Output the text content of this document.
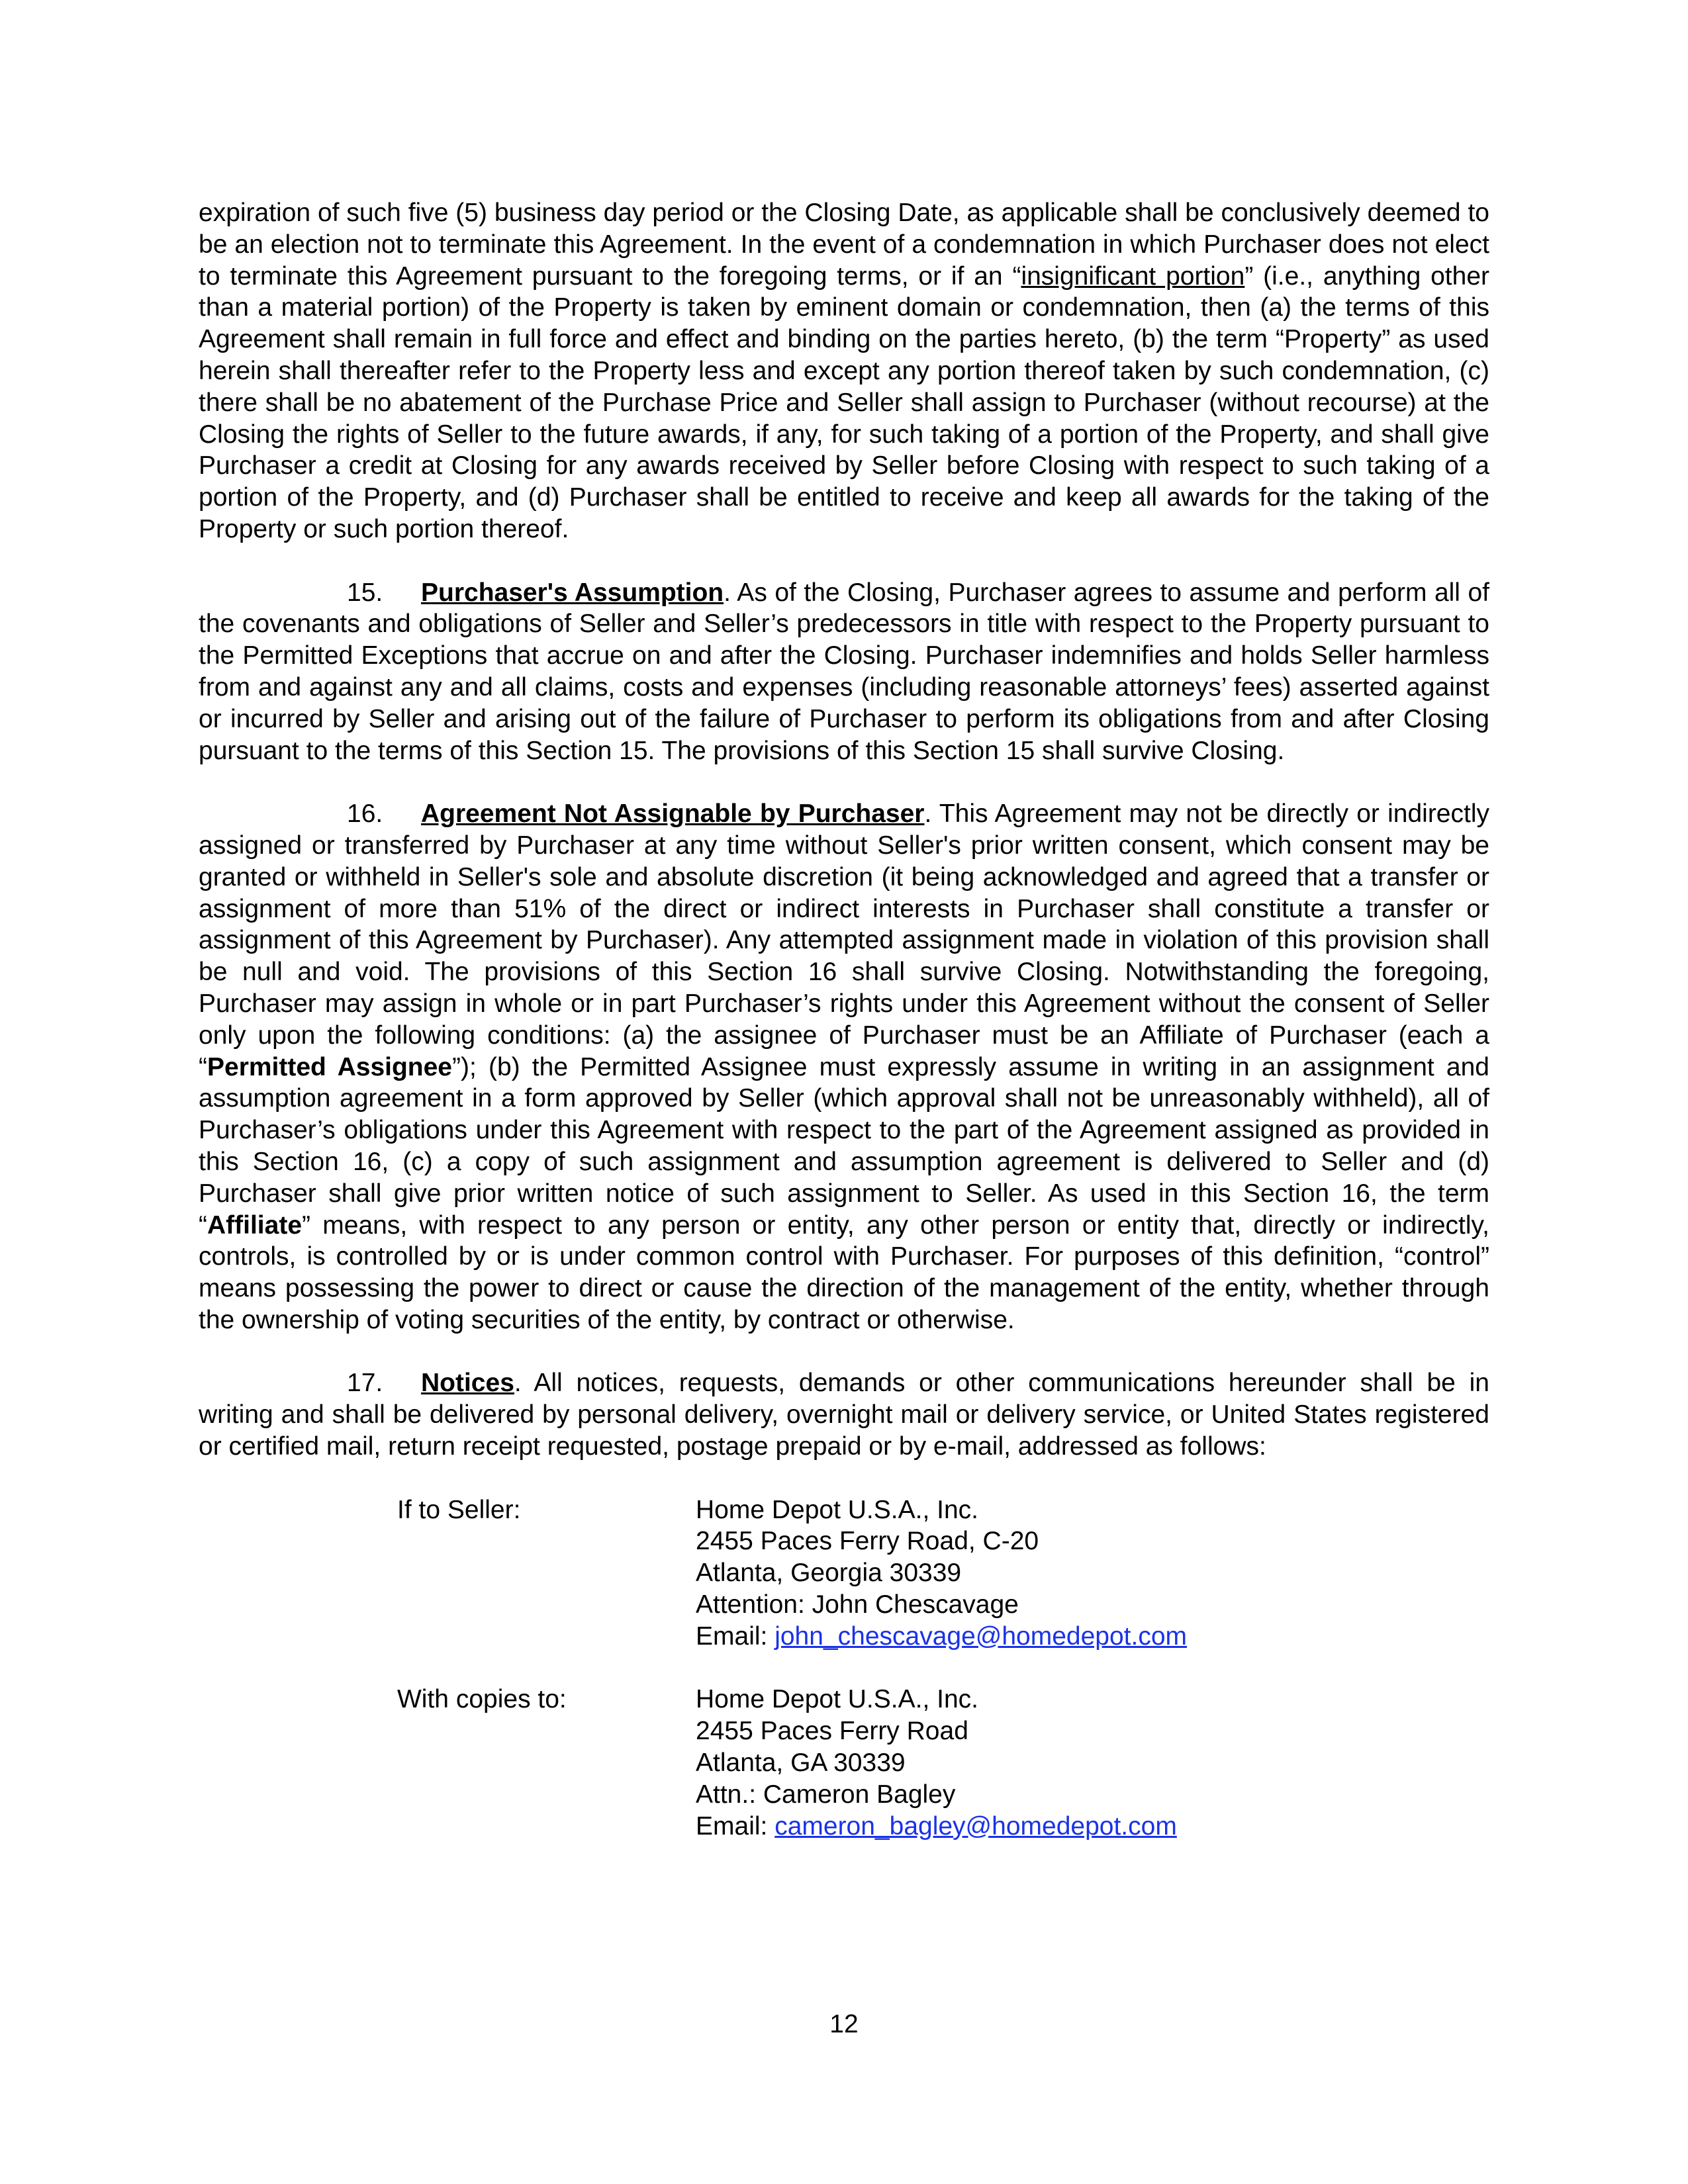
expiration of such five (5) business day period or the Closing Date, as applicable shall be conclusively deemed to be an election not to terminate this Agreement. In the event of a condemnation in which Purchaser does not elect to terminate this Agreement pursuant to the foregoing terms, or if an “insignificant portion” (i.e., anything other than a material portion) of the Property is taken by eminent domain or condemnation, then (a) the terms of this Agreement shall remain in full force and effect and binding on the parties hereto, (b) the term “Property” as used herein shall thereafter refer to the Property less and except any portion thereof taken by such condemnation, (c) there shall be no abatement of the Purchase Price and Seller shall assign to Purchaser (without recourse) at the Closing the rights of Seller to the future awards, if any, for such taking of a portion of the Property, and shall give Purchaser a credit at Closing for any awards received by Seller before Closing with respect to such taking of a portion of the Property, and (d) Purchaser shall be entitled to receive and keep all awards for the taking of the Property or such portion thereof.

15. Purchaser's Assumption. As of the Closing, Purchaser agrees to assume and perform all of the covenants and obligations of Seller and Seller’s predecessors in title with respect to the Property pursuant to the Permitted Exceptions that accrue on and after the Closing. Purchaser indemnifies and holds Seller harmless from and against any and all claims, costs and expenses (including reasonable attorneys’ fees) asserted against or incurred by Seller and arising out of the failure of Purchaser to perform its obligations from and after Closing pursuant to the terms of this Section 15. The provisions of this Section 15 shall survive Closing.

16. Agreement Not Assignable by Purchaser. This Agreement may not be directly or indirectly assigned or transferred by Purchaser at any time without Seller's prior written consent, which consent may be granted or withheld in Seller's sole and absolute discretion (it being acknowledged and agreed that a transfer or assignment of more than 51% of the direct or indirect interests in Purchaser shall constitute a transfer or assignment of this Agreement by Purchaser). Any attempted assignment made in violation of this provision shall be null and void. The provisions of this Section 16 shall survive Closing. Notwithstanding the foregoing, Purchaser may assign in whole or in part Purchaser’s rights under this Agreement without the consent of Seller only upon the following conditions: (a) the assignee of Purchaser must be an Affiliate of Purchaser (each a “Permitted Assignee”); (b) the Permitted Assignee must expressly assume in writing in an assignment and assumption agreement in a form approved by Seller (which approval shall not be unreasonably withheld), all of Purchaser’s obligations under this Agreement with respect to the part of the Agreement assigned as provided in this Section 16, (c) a copy of such assignment and assumption agreement is delivered to Seller and (d) Purchaser shall give prior written notice of such assignment to Seller. As used in this Section 16, the term “Affiliate” means, with respect to any person or entity, any other person or entity that, directly or indirectly, controls, is controlled by or is under common control with Purchaser. For purposes of this definition, “control” means possessing the power to direct or cause the direction of the management of the entity, whether through the ownership of voting securities of the entity, by contract or otherwise.

17. Notices. All notices, requests, demands or other communications hereunder shall be in writing and shall be delivered by personal delivery, overnight mail or delivery service, or United States registered or certified mail, return receipt requested, postage prepaid or by e-mail, addressed as follows:

If to Seller:	Home Depot U.S.A., Inc.
2455 Paces Ferry Road, C-20
Atlanta, Georgia 30339
Attention: John Chescavage
Email: john_chescavage@homedepot.com
With copies to:	Home Depot U.S.A., Inc.
2455 Paces Ferry Road
Atlanta, GA 30339
Attn.: Cameron Bagley
Email: cameron_bagley@homedepot.com
12
